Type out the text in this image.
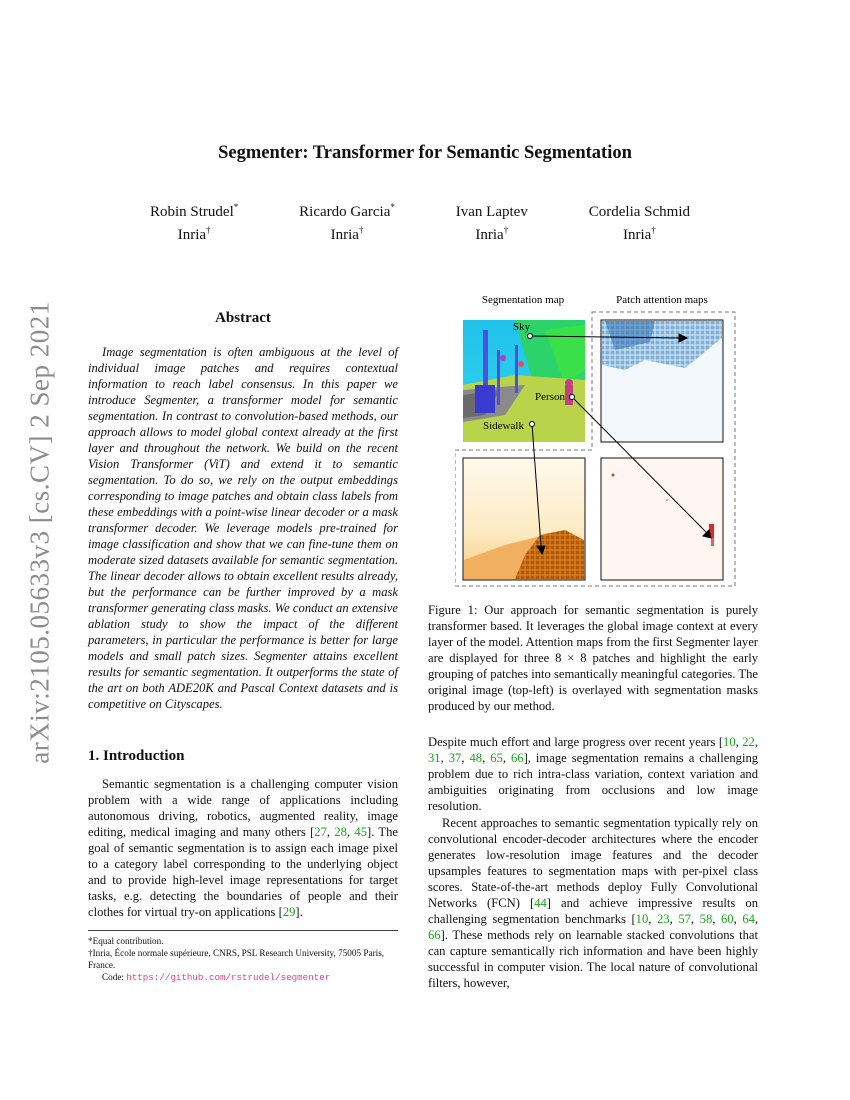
arXiv:2105.05633v3 [cs.CV] 2 Sep 2021
Segmenter: Transformer for Semantic Segmentation
Robin Strudel*
Inria†
Ricardo Garcia*
Inria†
Ivan Laptev
Inria†
Cordelia Schmid
Inria†
Abstract
Image segmentation is often ambiguous at the level of individual image patches and requires contextual information to reach label consensus. In this paper we introduce Segmenter, a transformer model for semantic segmentation. In contrast to convolution-based methods, our approach allows to model global context already at the first layer and throughout the network. We build on the recent Vision Transformer (ViT) and extend it to semantic segmentation. To do so, we rely on the output embeddings corresponding to image patches and obtain class labels from these embeddings with a point-wise linear decoder or a mask transformer decoder. We leverage models pre-trained for image classification and show that we can fine-tune them on moderate sized datasets available for semantic segmentation. The linear decoder allows to obtain excellent results already, but the performance can be further improved by a mask transformer generating class masks. We conduct an extensive ablation study to show the impact of the different parameters, in particular the performance is better for large models and small patch sizes. Segmenter attains excellent results for semantic segmentation. It outperforms the state of the art on both ADE20K and Pascal Context datasets and is competitive on Cityscapes.
1. Introduction
Semantic segmentation is a challenging computer vision problem with a wide range of applications including autonomous driving, robotics, augmented reality, image editing, medical imaging and many others [27, 28, 45]. The goal of semantic segmentation is to assign each image pixel to a category label corresponding to the underlying object and to provide high-level image representations for target tasks, e.g. detecting the boundaries of people and their clothes for virtual try-on applications [29].
*Equal contribution.
†Inria, École normale supérieure, CNRS, PSL Research University, 75005 Paris, France.
Code: https://github.com/rstrudel/segmenter
Segmentation map	Patch attention maps
Sky
Person
Sidewalk
Figure 1: Our approach for semantic segmentation is purely transformer based. It leverages the global image context at every layer of the model. Attention maps from the first Segmenter layer are displayed for three 8 × 8 patches and highlight the early grouping of patches into semantically meaningful categories. The original image (top-left) is overlayed with segmentation masks produced by our method.

Despite much effort and large progress over recent years [10, 22, 31, 37, 48, 65, 66], image segmentation remains a challenging problem due to rich intra-class variation, context variation and ambiguities originating from occlusions and low image resolution.

Recent approaches to semantic segmentation typically rely on convolutional encoder-decoder architectures where the encoder generates low-resolution image features and the decoder upsamples features to segmentation maps with per-pixel class scores. State-of-the-art methods deploy Fully Convolutional Networks (FCN) [44] and achieve impressive results on challenging segmentation benchmarks [10, 23, 57, 58, 60, 64, 66]. These methods rely on learnable stacked convolutions that can capture semantically rich information and have been highly successful in computer vision. The local nature of convolutional filters, however,
